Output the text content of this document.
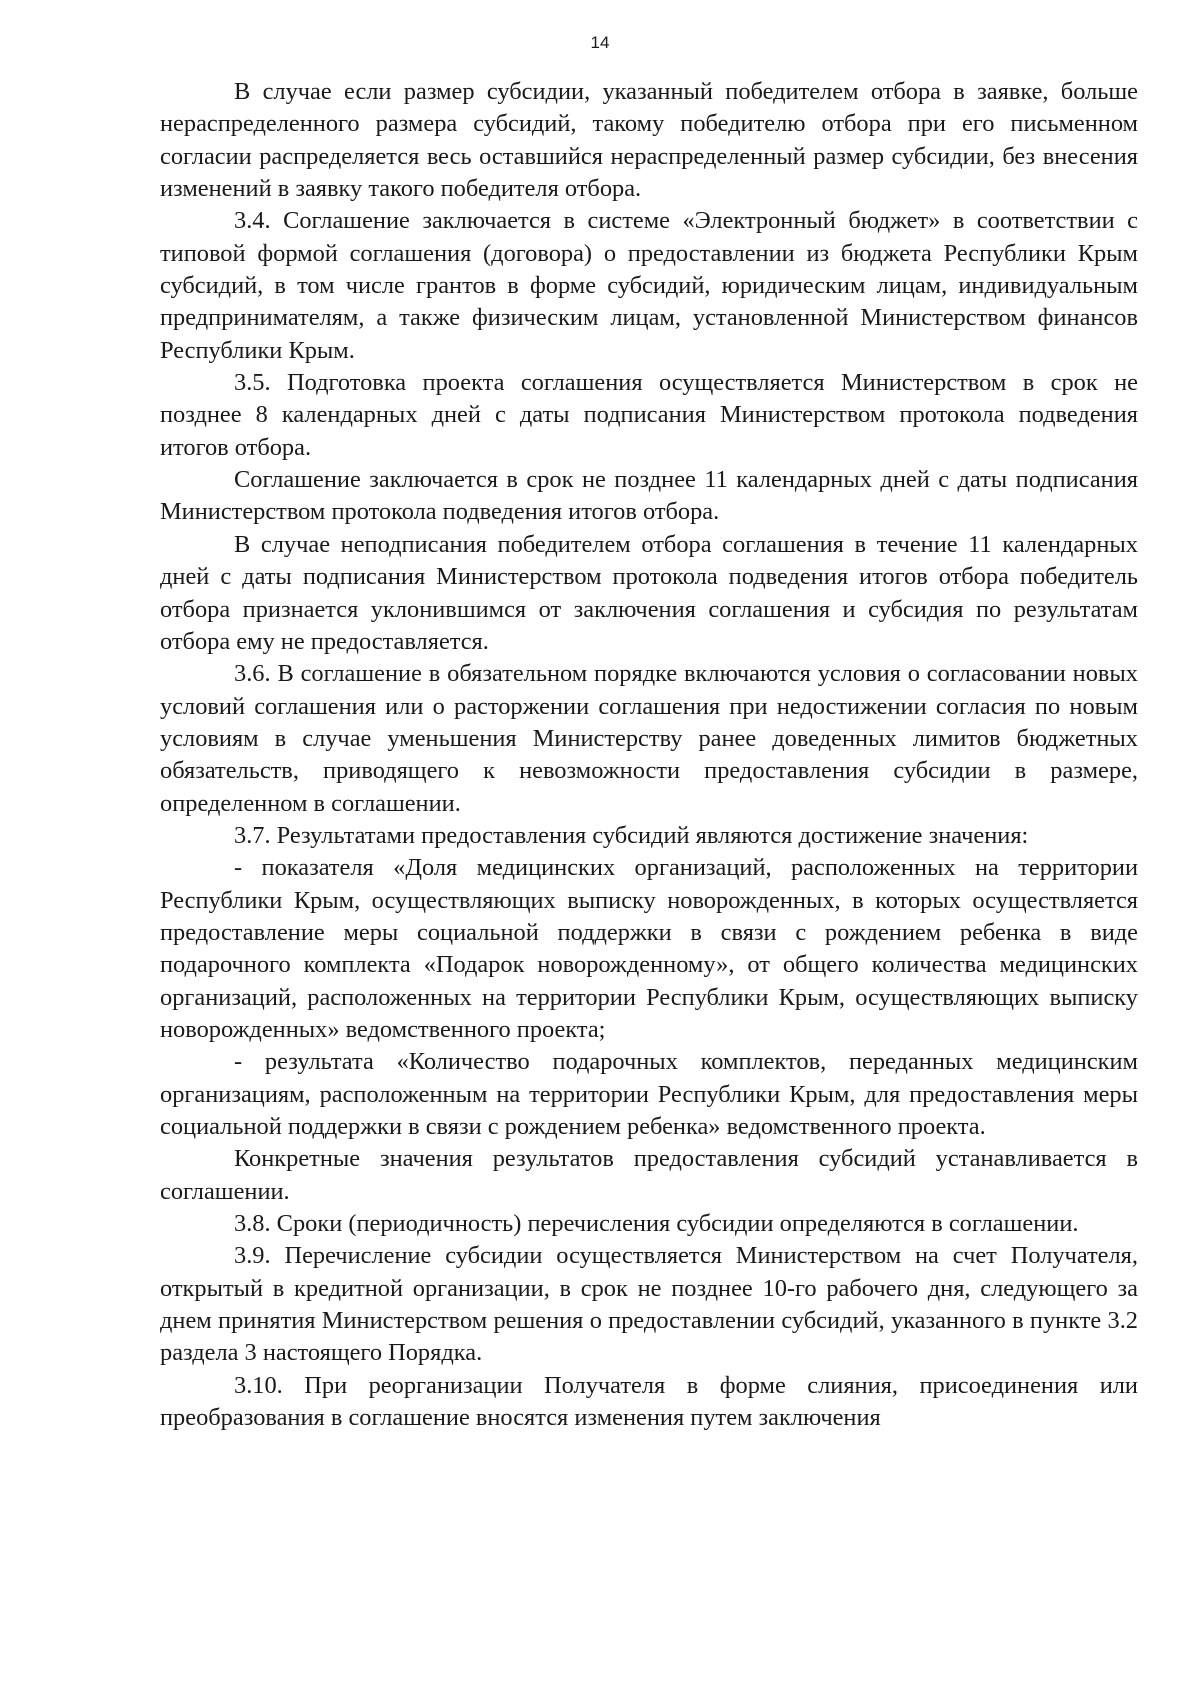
14

В случае если размер субсидии, указанный победителем отбора в заявке, больше нераспределенного размера субсидий, такому победителю отбора при его письменном согласии распределяется весь оставшийся нераспределенный размер субсидии, без внесения изменений в заявку такого победителя отбора.

3.4. Соглашение заключается в системе «Электронный бюджет» в соответствии с типовой формой соглашения (договора) о предоставлении из бюджета Республики Крым субсидий, в том числе грантов в форме субсидий, юридическим лицам, индивидуальным предпринимателям, а также физическим лицам, установленной Министерством финансов Республики Крым.

3.5. Подготовка проекта соглашения осуществляется Министерством в срок не позднее 8 календарных дней с даты подписания Министерством протокола подведения итогов отбора.

Соглашение заключается в срок не позднее 11 календарных дней с даты подписания Министерством протокола подведения итогов отбора.

В случае неподписания победителем отбора соглашения в течение 11 календарных дней с даты подписания Министерством протокола подведения итогов отбора победитель отбора признается уклонившимся от заключения соглашения и субсидия по результатам отбора ему не предоставляется.

3.6. В соглашение в обязательном порядке включаются условия о согласовании новых условий соглашения или о расторжении соглашения при недостижении согласия по новым условиям в случае уменьшения Министерству ранее доведенных лимитов бюджетных обязательств, приводящего к невозможности предоставления субсидии в размере, определенном в соглашении.

3.7. Результатами предоставления субсидий являются достижение значения:

- показателя «Доля медицинских организаций, расположенных на территории Республики Крым, осуществляющих выписку новорожденных, в которых осуществляется предоставление меры социальной поддержки в связи с рождением ребенка в виде подарочного комплекта «Подарок новорожденному», от общего количества медицинских организаций, расположенных на территории Республики Крым, осуществляющих выписку новорожденных» ведомственного проекта;

- результата «Количество подарочных комплектов, переданных медицинским организациям, расположенным на территории Республики Крым, для предоставления меры социальной поддержки в связи с рождением ребенка» ведомственного проекта.

Конкретные значения результатов предоставления субсидий устанавливается в соглашении.

3.8. Сроки (периодичность) перечисления субсидии определяются в соглашении.

3.9. Перечисление субсидии осуществляется Министерством на счет Получателя, открытый в кредитной организации, в срок не позднее 10-го рабочего дня, следующего за днем принятия Министерством решения о предоставлении субсидий, указанного в пункте 3.2 раздела 3 настоящего Порядка.

3.10. При реорганизации Получателя в форме слияния, присоединения или преобразования в соглашение вносятся изменения путем заключения
